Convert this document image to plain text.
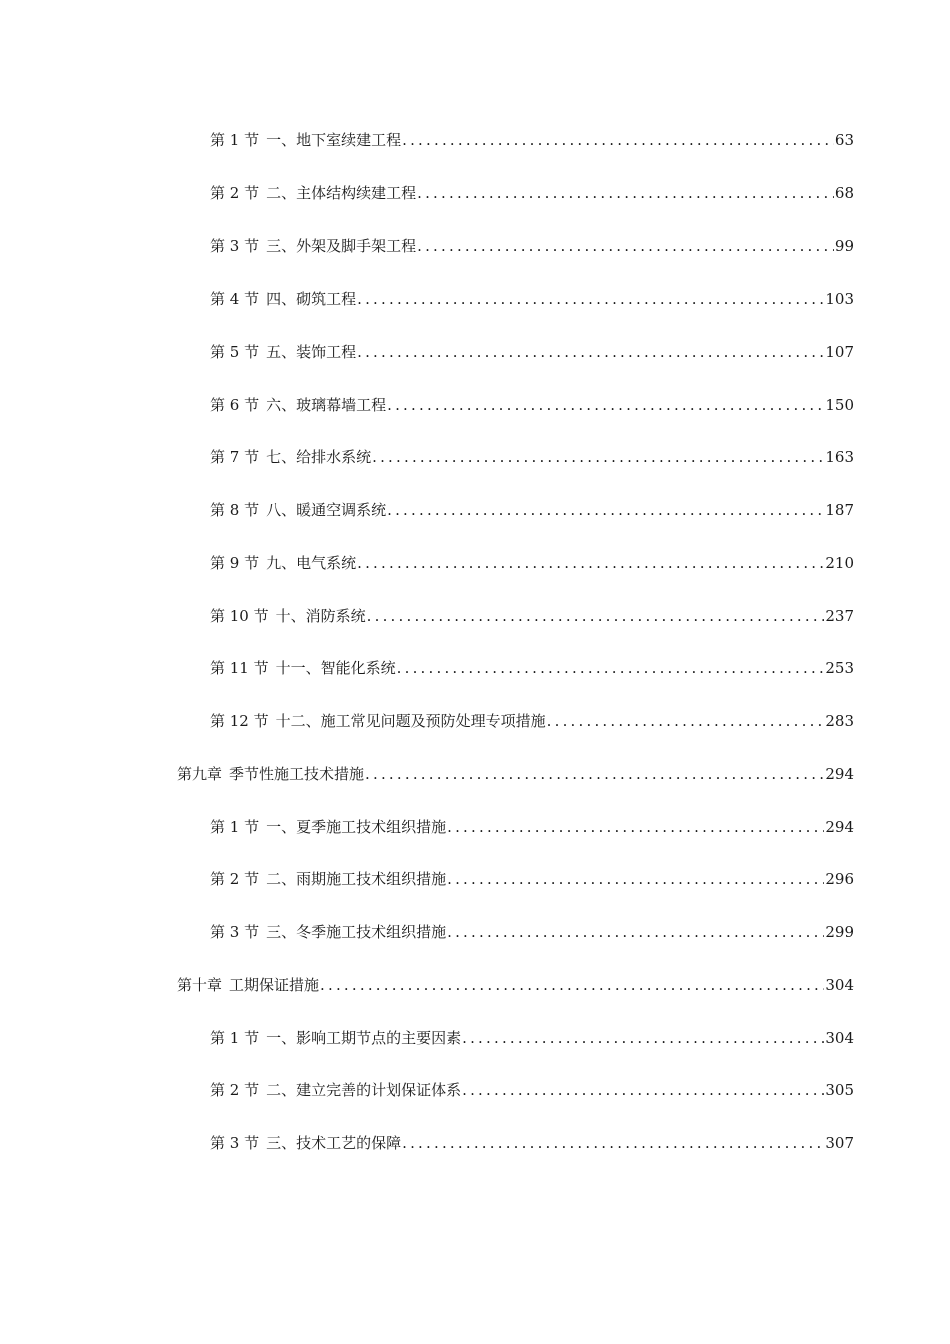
第 1 节 一、地下室续建工程 .....	63
第 2 节 二、主体结构续建工程 .....	68
第 3 节 三、外架及脚手架工程 .....	99
第 4 节 四、砌筑工程 .....	103
第 5 节 五、装饰工程 .....	107
第 6 节 六、玻璃幕墙工程 .....	150
第 7 节 七、给排水系统 .....	163
第 8 节 八、暖通空调系统 .....	187
第 9 节 九、电气系统 .....	210
第 10 节 十、消防系统 .....	237
第 11 节 十一、智能化系统 .....	253
第 12 节 十二、施工常见问题及预防处理专项措施 .....	283
第九章 季节性施工技术措施 .....	294
第 1 节 一、夏季施工技术组织措施 .....	294
第 2 节 二、雨期施工技术组织措施 .....	296
第 3 节 三、冬季施工技术组织措施 .....	299
第十章 工期保证措施 .....	304
第 1 节 一、影响工期节点的主要因素 .....	304
第 2 节 二、建立完善的计划保证体系 .....	305
第 3 节 三、技术工艺的保障 .....	307
